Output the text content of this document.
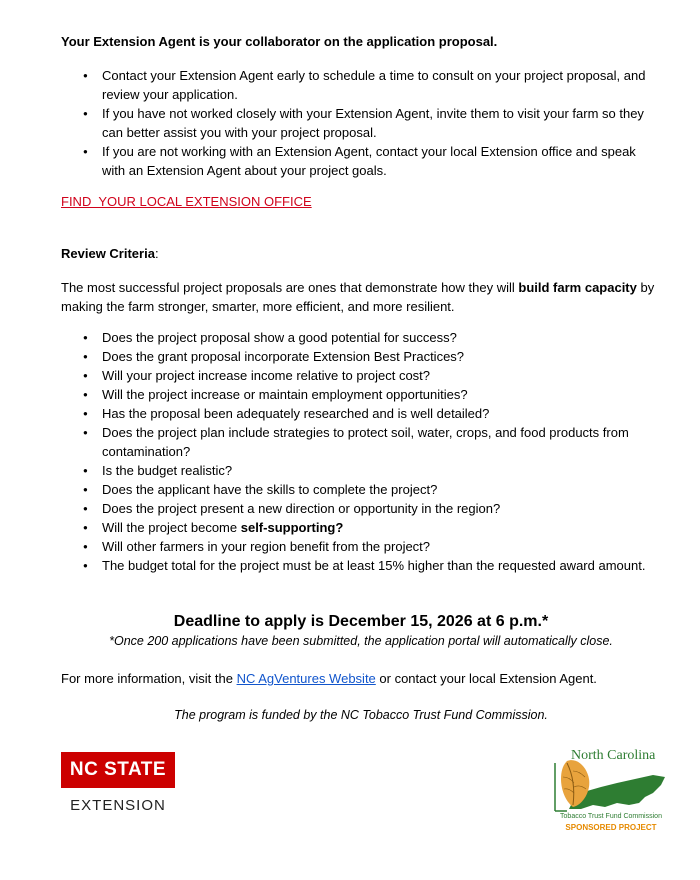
Your Extension Agent is your collaborator on the application proposal.
● Contact your Extension Agent early to schedule a time to consult on your project proposal, and review your application.
● If you have not worked closely with your Extension Agent, invite them to visit your farm so they can better assist you with your project proposal.
● If you are not working with an Extension Agent, contact your local Extension office and speak with an Extension Agent about your project goals.
FIND  YOUR LOCAL EXTENSION OFFICE
Review Criteria:
The most successful project proposals are ones that demonstrate how they will build farm capacity by making the farm stronger, smarter, more efficient, and more resilient.
● Does the project proposal show a good potential for success?
● Does the grant proposal incorporate Extension Best Practices?
● Will your project increase income relative to project cost?
● Will the project increase or maintain employment opportunities?
● Has the proposal been adequately researched and is well detailed?
● Does the project plan include strategies to protect soil, water, crops, and food products from contamination?
● Is the budget realistic?
● Does the applicant have the skills to complete the project?
● Does the project present a new direction or opportunity in the region?
● Will the project become self-supporting?
● Will other farmers in your region benefit from the project?
● The budget total for the project must be at least 15% higher than the requested award amount.
Deadline to apply is December 15, 2026 at 6 p.m.*
*Once 200 applications have been submitted, the application portal will automatically close.
For more information, visit the NC AgVentures Website or contact your local Extension Agent.
The program is funded by the NC Tobacco Trust Fund Commission.
NC STATE
EXTENSION
North Carolina
Tobacco Trust Fund Commission
SPONSORED PROJECT
